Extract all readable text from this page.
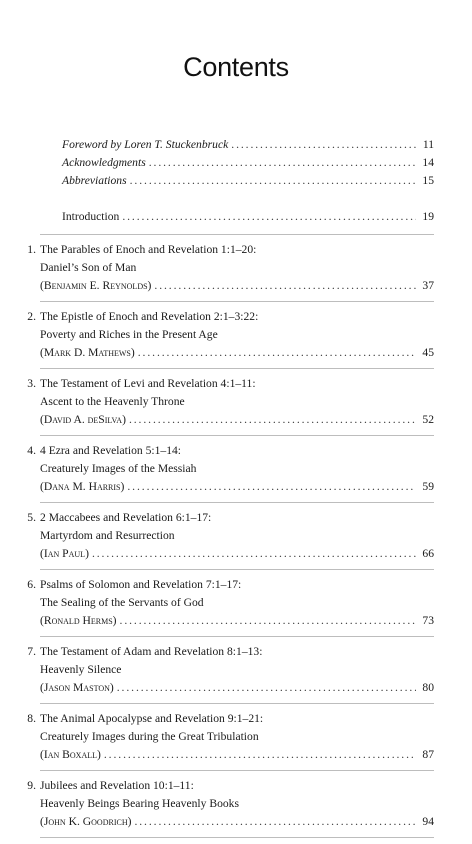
Contents
Foreword by Loren T. Stuckenbruck . . .	11
Acknowledgments . . .	14
Abbreviations . . .	15
Introduction . . .	19
1. The Parables of Enoch and Revelation 1:1–20:
Daniel’s Son of Man
(Benjamin E. Reynolds) . . .	37
2. The Epistle of Enoch and Revelation 2:1–3:22:
Poverty and Riches in the Present Age
(Mark D. Mathews) . . .	45
3. The Testament of Levi and Revelation 4:1–11:
Ascent to the Heavenly Throne
(David A. deSilva) . . .	52
4. 4 Ezra and Revelation 5:1–14:
Creaturely Images of the Messiah
(Dana M. Harris) . . .	59
5. 2 Maccabees and Revelation 6:1–17:
Martyrdom and Resurrection
(Ian Paul) . . .	66
6. Psalms of Solomon and Revelation 7:1–17:
The Sealing of the Servants of God
(Ronald Herms) . . .	73
7. The Testament of Adam and Revelation 8:1–13:
Heavenly Silence
(Jason Maston) . . .	80
8. The Animal Apocalypse and Revelation 9:1–21:
Creaturely Images during the Great Tribulation
(Ian Boxall) . . .	87
9. Jubilees and Revelation 10:1–11:
Heavenly Beings Bearing Heavenly Books
(John K. Goodrich) . . .	94
